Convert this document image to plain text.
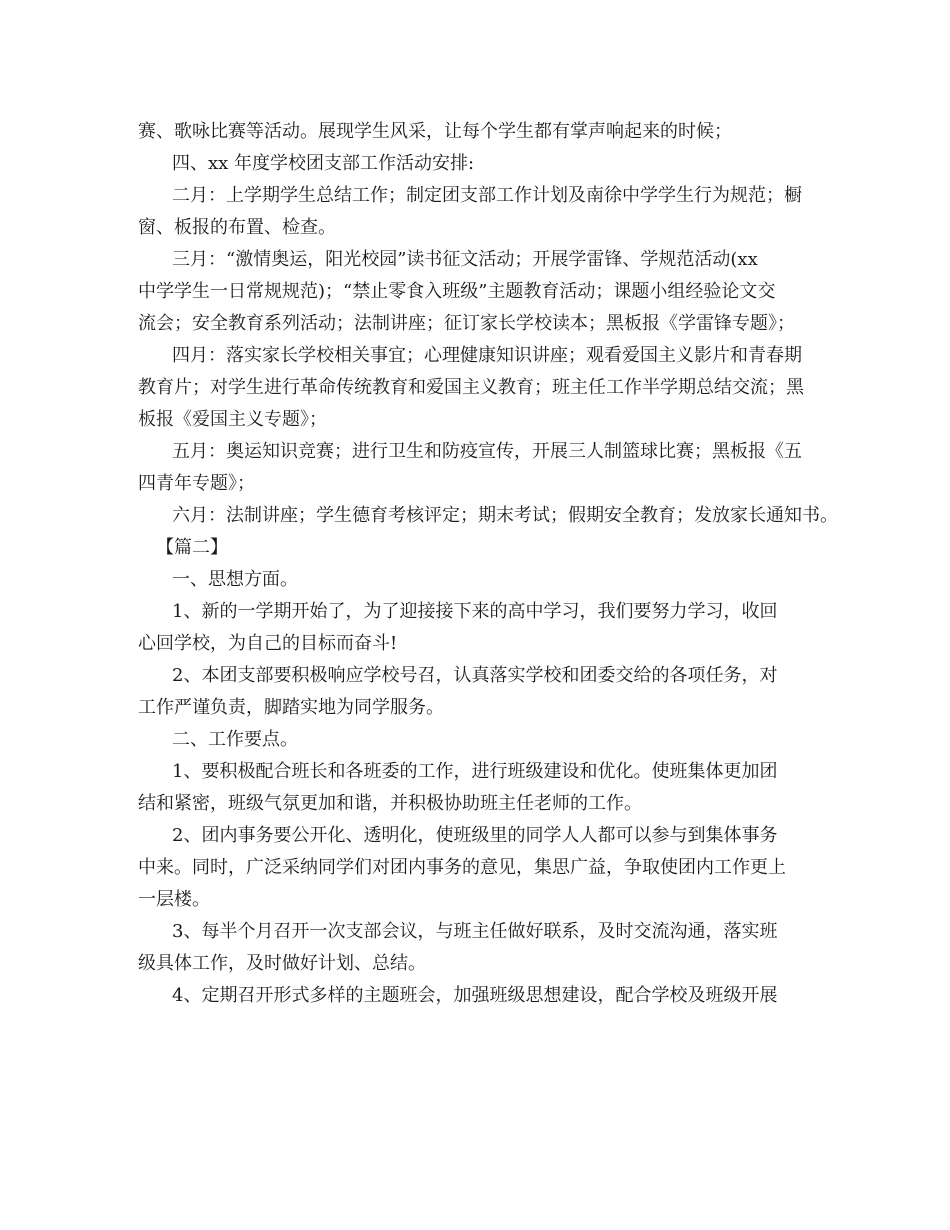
赛、歌咏比赛等活动。展现学生风采，让每个学生都有掌声响起来的时候；

四、xx 年度学校团支部工作活动安排:

二月：上学期学生总结工作；制定团支部工作计划及南徐中学学生行为规范；橱

窗、板报的布置、检查。

三月：“激情奥运，阳光校园”读书征文活动；开展学雷锋、学规范活动(xx

中学学生一日常规规范)；“禁止零食入班级”主题教育活动；课题小组经验论文交

流会；安全教育系列活动；法制讲座；征订家长学校读本；黑板报《学雷锋专题》；

四月：落实家长学校相关事宜；心理健康知识讲座；观看爱国主义影片和青春期

教育片；对学生进行革命传统教育和爱国主义教育；班主任工作半学期总结交流；黑

板报《爱国主义专题》；

五月：奥运知识竞赛；进行卫生和防疫宣传，开展三人制篮球比赛；黑板报《五

四青年专题》；

六月：法制讲座；学生德育考核评定；期末考试；假期安全教育；发放家长通知书。

【篇二】

一、思想方面。

1、新的一学期开始了，为了迎接接下来的高中学习，我们要努力学习，收回

心回学校，为自己的目标而奋斗!

2、本团支部要积极响应学校号召，认真落实学校和团委交给的各项任务，对

工作严谨负责，脚踏实地为同学服务。

二、工作要点。

1、要积极配合班长和各班委的工作，进行班级建设和优化。使班集体更加团

结和紧密，班级气氛更加和谐，并积极协助班主任老师的工作。

2、团内事务要公开化、透明化，使班级里的同学人人都可以参与到集体事务

中来。同时，广泛采纳同学们对团内事务的意见，集思广益，争取使团内工作更上

一层楼。

3、每半个月召开一次支部会议，与班主任做好联系，及时交流沟通，落实班

级具体工作，及时做好计划、总结。

4、定期召开形式多样的主题班会，加强班级思想建设，配合学校及班级开展
